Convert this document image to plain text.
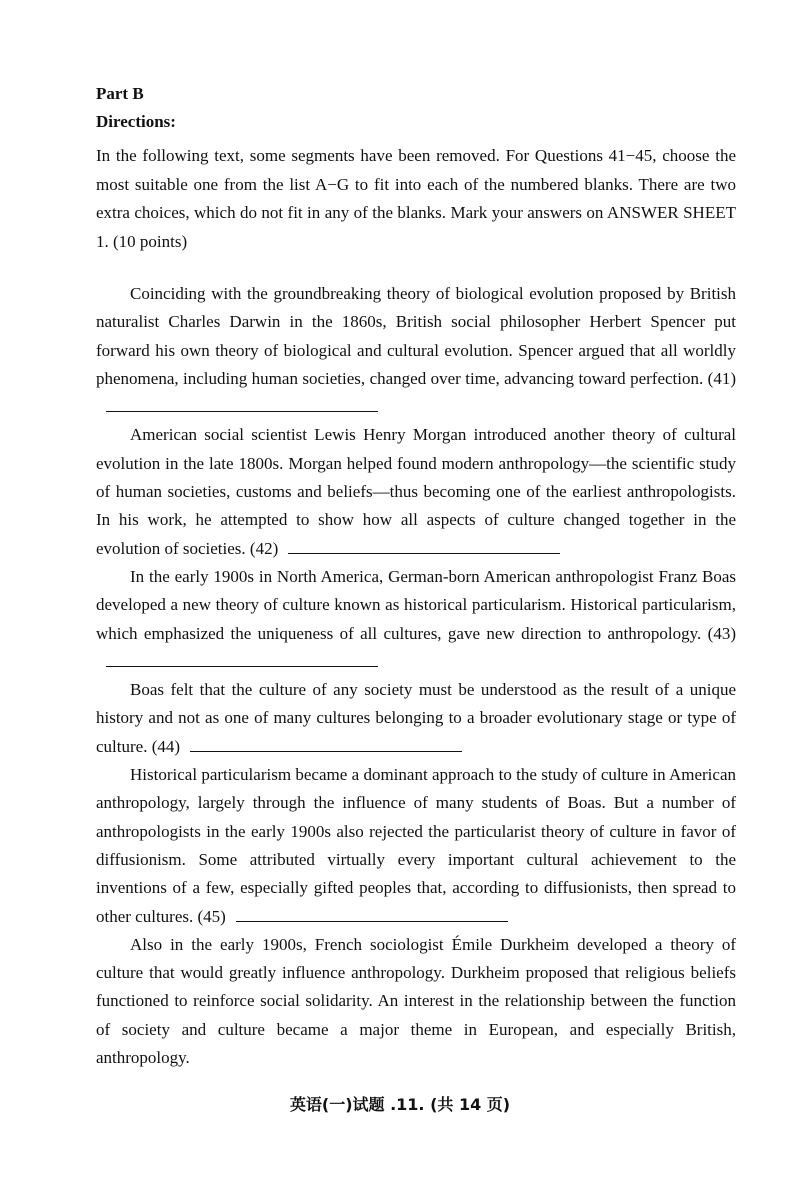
Part B
Directions:
In the following text, some segments have been removed. For Questions 41−45, choose the most suitable one from the list A−G to fit into each of the numbered blanks. There are two extra choices, which do not fit in any of the blanks. Mark your answers on ANSWER SHEET 1. (10 points)

Coinciding with the groundbreaking theory of biological evolution proposed by British naturalist Charles Darwin in the 1860s, British social philosopher Herbert Spencer put forward his own theory of biological and cultural evolution. Spencer argued that all worldly phenomena, including human societies, changed over time, advancing toward perfection. (41)

American social scientist Lewis Henry Morgan introduced another theory of cultural evolution in the late 1800s. Morgan helped found modern anthropology—the scientific study of human societies, customs and beliefs—thus becoming one of the earliest anthropologists. In his work, he attempted to show how all aspects of culture changed together in the evolution of societies. (42)

In the early 1900s in North America, German-born American anthropologist Franz Boas developed a new theory of culture known as historical particularism. Historical particularism, which emphasized the uniqueness of all cultures, gave new direction to anthropology. (43)

Boas felt that the culture of any society must be understood as the result of a unique history and not as one of many cultures belonging to a broader evolutionary stage or type of culture. (44)

Historical particularism became a dominant approach to the study of culture in American anthropology, largely through the influence of many students of Boas. But a number of anthropologists in the early 1900s also rejected the particularist theory of culture in favor of diffusionism. Some attributed virtually every important cultural achievement to the inventions of a few, especially gifted peoples that, according to diffusionists, then spread to other cultures. (45)

Also in the early 1900s, French sociologist Émile Durkheim developed a theory of culture that would greatly influence anthropology. Durkheim proposed that religious beliefs functioned to reinforce social solidarity. An interest in the relationship between the function of society and culture became a major theme in European, and especially British, anthropology.

英语(一)试题 .11. (共 14 页)
